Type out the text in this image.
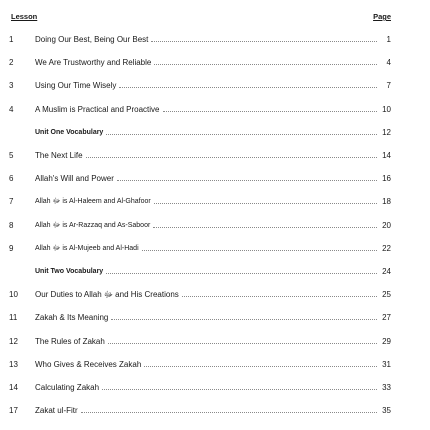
Lesson	Page
1	Doing Our Best, Being Our Best	1
2	We Are Trustworthy and Reliable	4
3	Using Our Time Wisely	7
4	A Muslim is Practical and Proactive	10
Unit One Vocabulary	12
5	The Next Life	14
6	Allah's Will and Power	16
7	Allah ﷻ is Al-Haleem and Al-Ghafoor	18
8	Allah ﷻ is Ar-Razzaq and As-Saboor	20
9	Allah ﷻ is Al-Mujeeb and Al-Hadi	22
Unit Two Vocabulary	24
10	Our Duties to Allah ﷻ and His Creations	25
11	Zakah & Its Meaning	27
12	The Rules of Zakah	29
13	Who Gives & Receives Zakah	31
14	Calculating Zakah	33
17	Zakat ul-Fitr	35
